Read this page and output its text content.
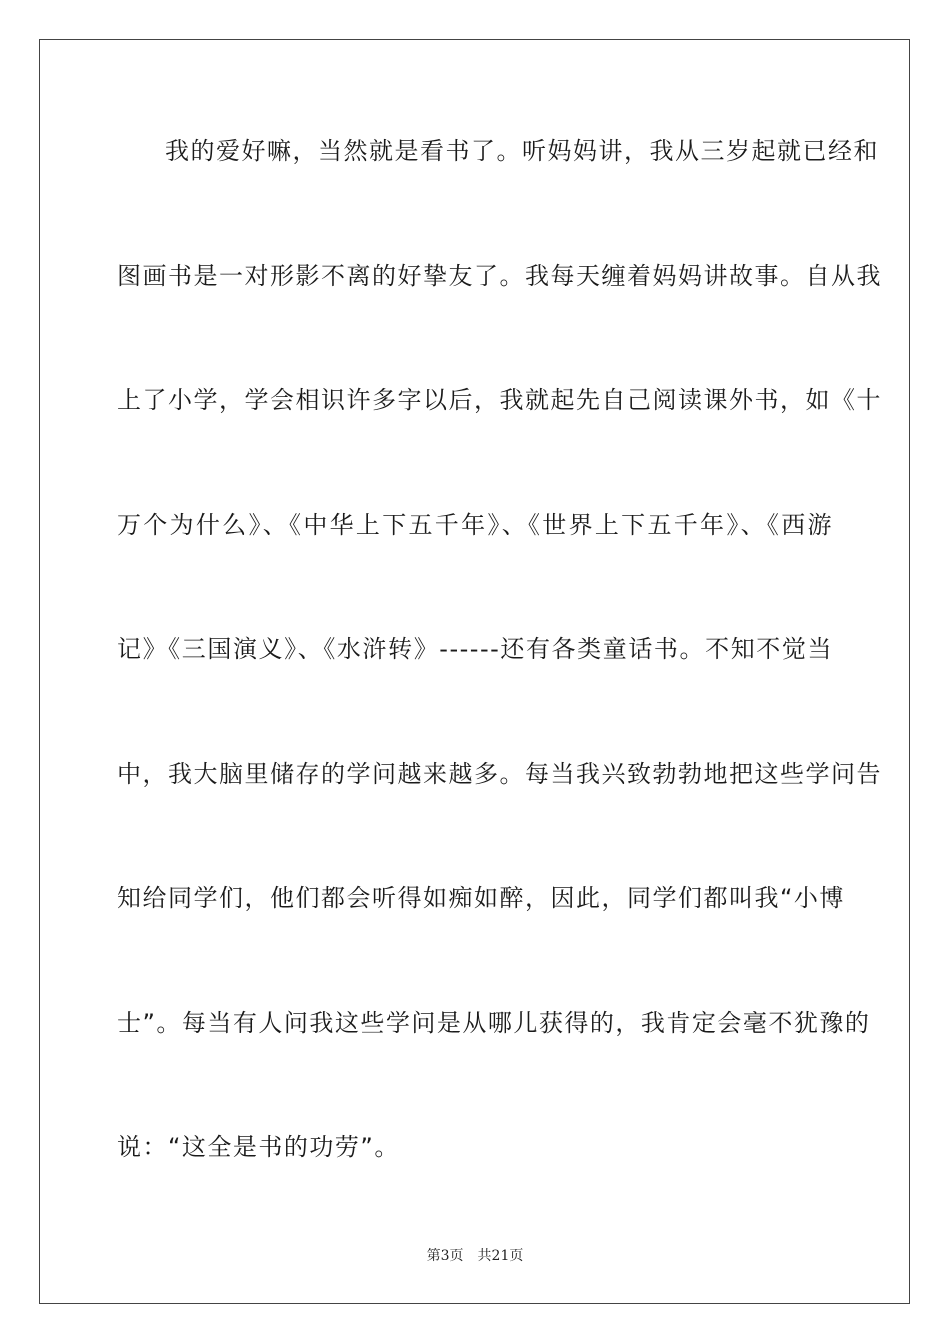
我的爱好嘛，当然就是看书了。听妈妈讲，我从三岁起就已经和
图画书是一对形影不离的好挚友了。我每天缠着妈妈讲故事。自从我
上了小学，学会相识许多字以后，我就起先自己阅读课外书，如《十
万个为什么》、《中华上下五千年》、《世界上下五千年》、《西游
记》《三国演义》、《水浒转》------还有各类童话书。不知不觉当
中，我大脑里储存的学问越来越多。每当我兴致勃勃地把这些学问告
知给同学们，他们都会听得如痴如醉，因此，同学们都叫我“小博
士”。每当有人问我这些学问是从哪儿获得的，我肯定会毫不犹豫的
说：“这全是书的功劳”。
第3页 共21页
